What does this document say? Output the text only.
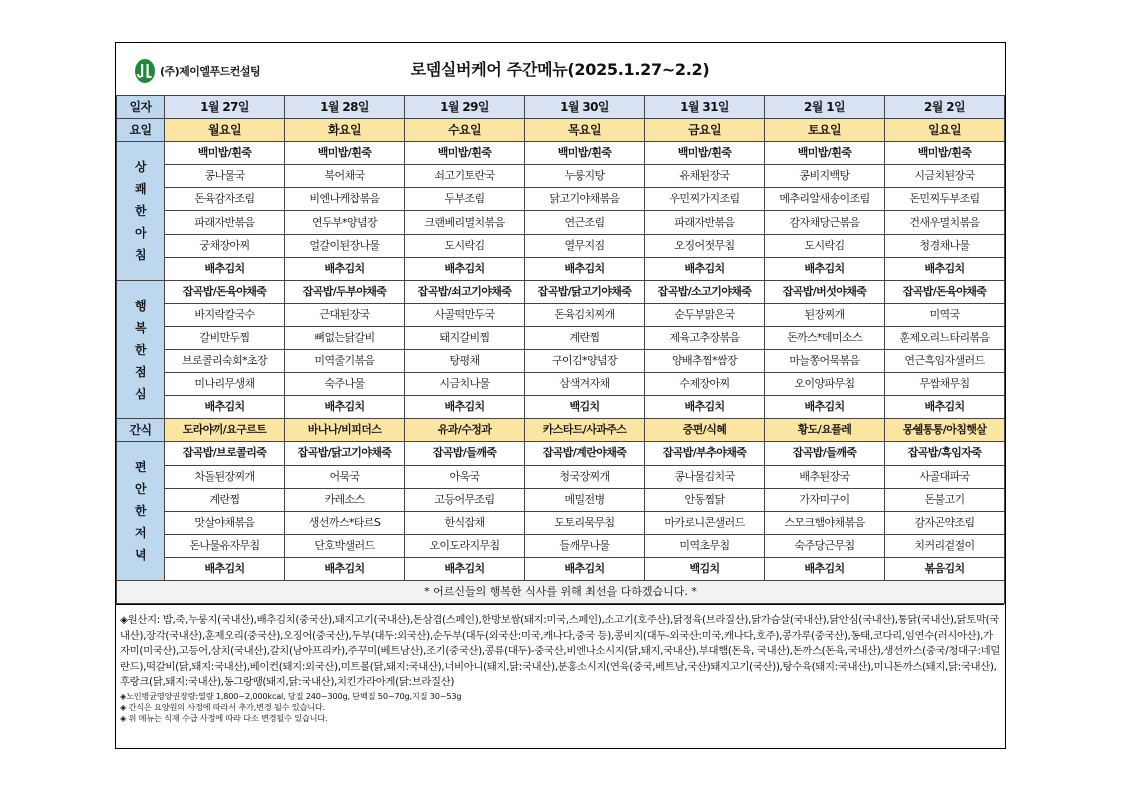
(주)제이엘푸드컨설팅	로뎀실버케어 주간메뉴(2025.1.27~2.2)
일자	1월 27일	1월 28일	1월 29일	1월 30일	1월 31일	2월 1일	2월 2일
요일	월요일	화요일	수요일	목요일	금요일	토요일	일요일

상
쾌
한
아
침	백미밥/흰죽	백미밥/흰죽	백미밥/흰죽	백미밥/흰죽	백미밥/흰죽	백미밥/흰죽	백미밥/흰죽
	콩나물국	북어채국	쇠고기토란국	누룽지탕	유채된장국	콩비지백탕	시금치된장국
	돈육감자조림	비엔나케찹볶음	두부조림	닭고기야채볶음	우민찌가지조림	메추리알새송이조림	돈민찌두부조림
	파래자반볶음	연두부*양념장	크랜베리멸치볶음	연근조림	파래자반볶음	감자채당근볶음	건새우멸치볶음
	궁채장아찌	얼갈이된장나물	도시락김	열무지짐	오징어젓무침	도시락김	청경채나물
	배추김치	배추김치	배추김치	배추김치	배추김치	배추김치	배추김치

행
복
한
점
심	잡곡밥/돈육야채죽	잡곡밥/두부야채죽	잡곡밥/쇠고기야채죽	잡곡밥/닭고기야채죽	잡곡밥/소고기야채죽	잡곡밥/버섯야채죽	잡곡밥/돈육야채죽
	바지락칼국수	근대된장국	사골떡만두국	돈육김치찌개	순두부맑은국	된장찌개	미역국
	갈비만두찜	뼈없는닭갈비	돼지갈비찜	계란찜	제육고추장볶음	돈까스*데미소스	훈제오리느타리볶음
	브로콜리숙회*초장	미역줄기볶음	탕평채	구이김*양념장	양배추찜*쌈장	마늘쫑어묵볶음	연근흑임자샐러드
	미나리무생채	숙주나물	시금치나물	삼색겨자채	수제장아찌	오이양파무침	무쌈채무침
	배추김치	배추김치	배추김치	백김치	배추김치	배추김치	배추김치
간식	도라야끼/요구르트	바나나/비피더스	유과/수정과	카스타드/사과주스	증편/식혜	황도/요플레	몽쉘통통/아침햇살

편
안
한
저
녁	잡곡밥/브로콜리죽	잡곡밥/닭고기야채죽	잡곡밥/들깨죽	잡곡밥/계란야채죽	잡곡밥/부추야채죽	잡곡밥/들깨죽	잡곡밥/흑임자죽
	차돌된장찌개	어묵국	아욱국	청국장찌개	콩나물김치국	배추된장국	사골대파국
	계란찜	카레소스	고등어무조림	메밀전병	안동찜닭	가자미구이	돈불고기
	맛살야채볶음	생선까스*타르S	한식잡채	도토리묵무침	마카로니콘샐러드	스모크햄야채볶음	감자곤약조림
	돈나물유자무침	단호박샐러드	오이도라지무침	들깨무나물	미역초무침	숙주당근무침	치커리겉절이
	배추김치	배추김치	배추김치	배추김치	백김치	배추김치	볶음김치
* 어르신들의 행복한 식사를 위해 최선을 다하겠습니다. *							
◈원산지: 밥,죽,누룽지(국내산),배추김치(중국산),돼지고기(국내산),돈삼겹(스페인),한방보쌈(돼지:미국,스페인),소고기(호주산),닭정육(브라질산),닭가슴살(국내산),닭안심(국내산),통닭(국내산),닭토막(국내산),장각(국내산),훈제오리(중국산),오징어(중국산),두부(대두:외국산),순두부(대두(외국산:미국,캐나다,중국 등),콩비지(대두-외국산:미국,캐나다,호주),콩가루(중국산),동태,코다리,임연수(러시아산),가자미(미국산),고등어,삼치(국내산),갈치(남아프리카),주꾸미(베트남산),조기(중국산),콩류(대두)-중국산,비엔나소시지(닭,돼지,국내산),부대햄(돈육, 국내산),돈까스(돈육,국내산),생선까스(중국/청대구:네덜란드),떡갈비(닭,돼지:국내산),베이컨(돼지:외국산),미트볼(닭,돼지:국내산),너비아니(돼지,닭:국내산),분홍소시지(연육(중국,베트남,국산)돼지고기(국산)),탕수육(돼지:국내산),미니돈까스(돼지,닭:국내산),후랑크(닭,돼지:국내산),동그랑땡(돼지,닭:국내산),치킨가라아게(닭:브라질산)
◈노인병균영양권장량:열량 1,800~2,000kcal, 당질 240~300g, 단백질 50~70g,지질 30~53g
◈ 간식은 요양원의 사정에 따라서 추가,변경 될수 있습니다.
◈ 위 메뉴는 식재 수급 사정에 따라 다소 변경될수 있습니다.
